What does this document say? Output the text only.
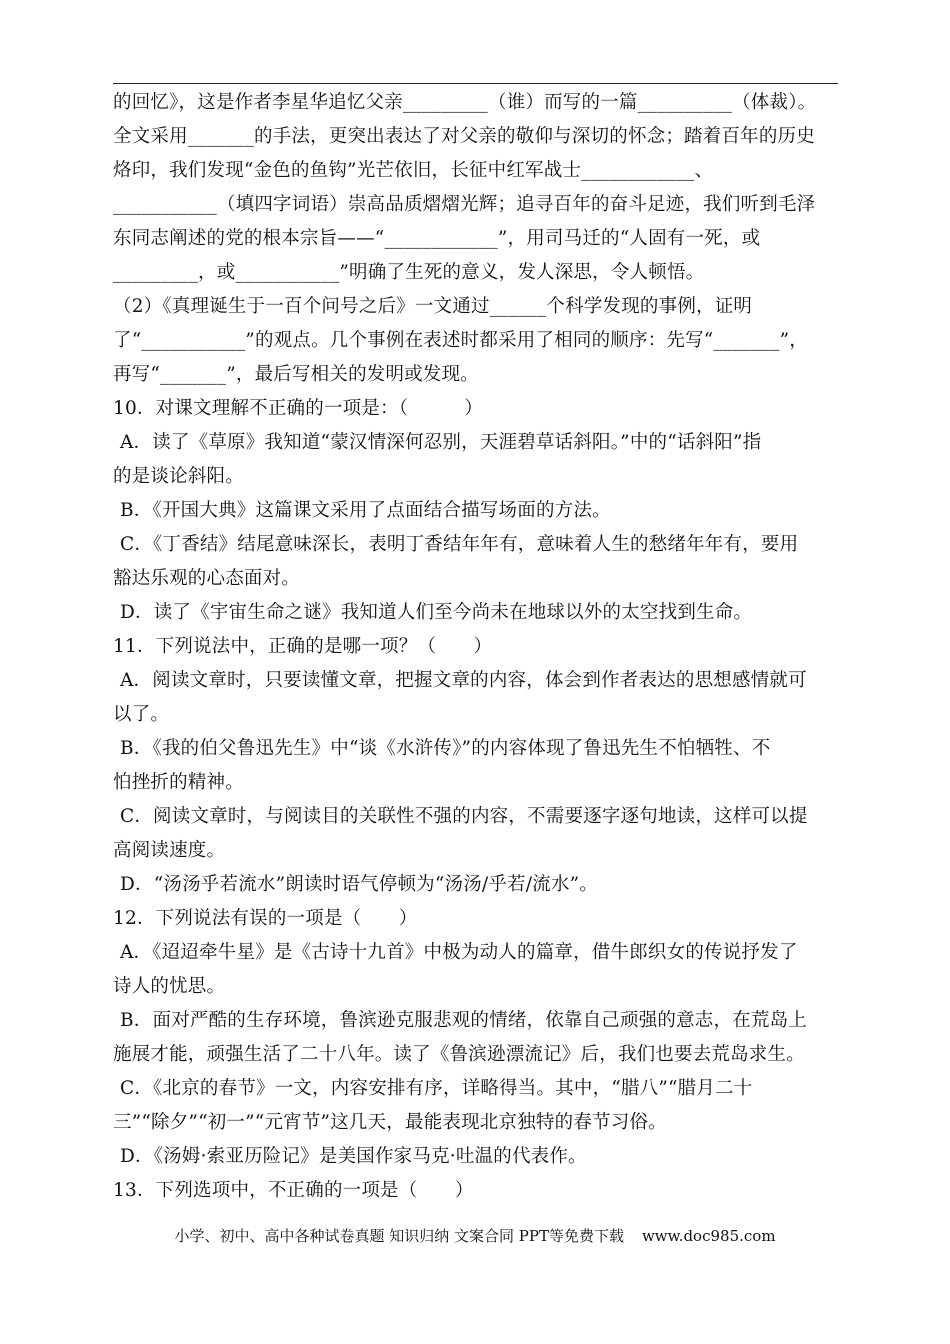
的回忆》，这是作者李星华追忆父亲_________（谁）而写的一篇__________（体裁）。
全文采用_______的手法，更突出表达了对父亲的敬仰与深切的怀念；踏着百年的历史
烙印，我们发现“金色的鱼钩”光芒依旧，长征中红军战士____________、
___________（填四字词语）崇高品质熠熠光辉；追寻百年的奋斗足迹，我们听到毛泽
东同志阐述的党的根本宗旨——“____________”，用司马迁的“人固有一死，或
_________，或___________”明确了生死的意义，发人深思，令人顿悟。
（2）《真理诞生于一百个问号之后》一文通过______个科学发现的事例，证明
了“___________”的观点。几个事例在表述时都采用了相同的顺序：先写“_______”，
再写“_______”，最后写相关的发明或发现。
10．对课文理解不正确的一项是：（　　　）
A．读了《草原》我知道“蒙汉情深何忍别，天涯碧草话斜阳。”中的“话斜阳”指
的是谈论斜阳。
B．《开国大典》这篇课文采用了点面结合描写场面的方法。
C．《丁香结》结尾意味深长，表明丁香结年年有，意味着人生的愁绪年年有，要用
豁达乐观的心态面对。
D．读了《宇宙生命之谜》我知道人们至今尚未在地球以外的太空找到生命。
11．下列说法中，正确的是哪一项？（　　）
A．阅读文章时，只要读懂文章，把握文章的内容，体会到作者表达的思想感情就可
以了。
B．《我的伯父鲁迅先生》中“谈《水浒传》”的内容体现了鲁迅先生不怕牺牲、不
怕挫折的精神。
C．阅读文章时，与阅读目的关联性不强的内容，不需要逐字逐句地读，这样可以提
高阅读速度。
D．“汤汤乎若流水”朗读时语气停顿为“汤汤/乎若/流水”。
12．下列说法有误的一项是（　　）
A．《迢迢牵牛星》是《古诗十九首》中极为动人的篇章，借牛郎织女的传说抒发了
诗人的忧思。
B．面对严酷的生存环境，鲁滨逊克服悲观的情绪，依靠自己顽强的意志，在荒岛上
施展才能，顽强生活了二十八年。读了《鲁滨逊漂流记》后，我们也要去荒岛求生。
C．《北京的春节》一文，内容安排有序，详略得当。其中，“腊八”“腊月二十
三”“除夕”“初一”“元宵节”这几天，最能表现北京独特的春节习俗。
D．《汤姆·索亚历险记》是美国作家马克·吐温的代表作。
13．下列选项中，不正确的一项是（　　）
小学、初中、高中各种试卷真题 知识归纳 文案合同 PPT等免费下载 www.doc985.com
